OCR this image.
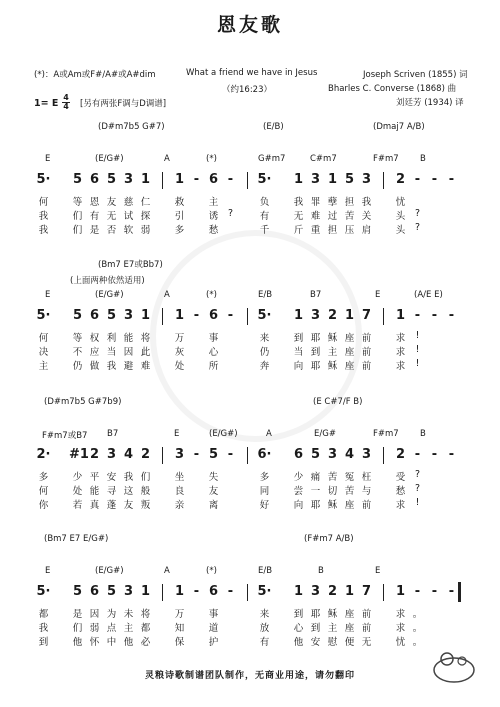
恩友歌
(*)：A或Am或F#/A#或A#dim	What a friend we have in Jesus
（约16:23）
Joseph Scriven (1855) 词
Bharles C. Converse (1868) 曲
刘廷芳 (1934) 译
1= E
4
4 [另有两张F调与D调谱]
(D#m7b5 G#7)	(E/B)	(Dmaj7 A/B)
E	(E/G#)	A	(*)	G#m7	C#m7	F#m7	B
5·	5 6 5 3 1	1 - 6 -	5·	1 3 1 5 3	2 - - -
何	等 恩 友 慈 仁	救	主	负	我 罪 孽 担 我	忧
我	们 有 无 试 探	引	诱	?	有	无 难 过 苦 关	头	?
我	们 是 否 软 弱	多	愁	千	斤 重 担 压 肩	头	?
(Bm7 E7或Bb7)
(上面两种依然适用)
E	(E/G#)	A	(*)	E/B	B7	E	(A/E E)
5·	5 6 5 3 1	1 - 6 -	5·	1 3 2 1 7	1 - - -
何	等 权 利 能 将	万	事	来	到 耶 稣 座 前	求	!
决	不 应 当 因 此	灰	心	仍	当 到 主 座 前	求	!
主	仍 做 我 避 难	处	所	奔	向 耶 稣 座 前	求	!
(D#m7b5 G#7b9)	(E C#7/F B)
F#m7或B7 B7	E	(E/G#)	A	E/G#	F#m7	B
2· #1 2 3 4 2	3 - 5 -	6·	6 5 3 4 3	2 - - -
多	少 平 安 我 们	坐	失	多	少 痛 苦 冤 枉	受	?
何	处 能 寻 这 般	良	友	同	尝 一 切 苦 与	愁	?
你	若 真 蓬 友 叛	亲	离	好	向 耶 稣 座 前	求	!
(Bm7 E7 E/G#)	(F#m7 A/B)
E	(E/G#)	A	(*)	E/B	B	E
5·	5 6 5 3 1	1 - 6 -	5·	1 3 2 1 7	1 - - -
都	是 因 为 未 将	万	事	来	到 耶 稣 座 前	求 。
我	们 弱 点 主 都	知	道	放	心 到 主 座 前	求 。
到	他 怀 中 他 必	保	护	有	他 安 慰 便 无	忧 。
灵粮诗歌制谱团队制作，无商业用途，请勿翻印
